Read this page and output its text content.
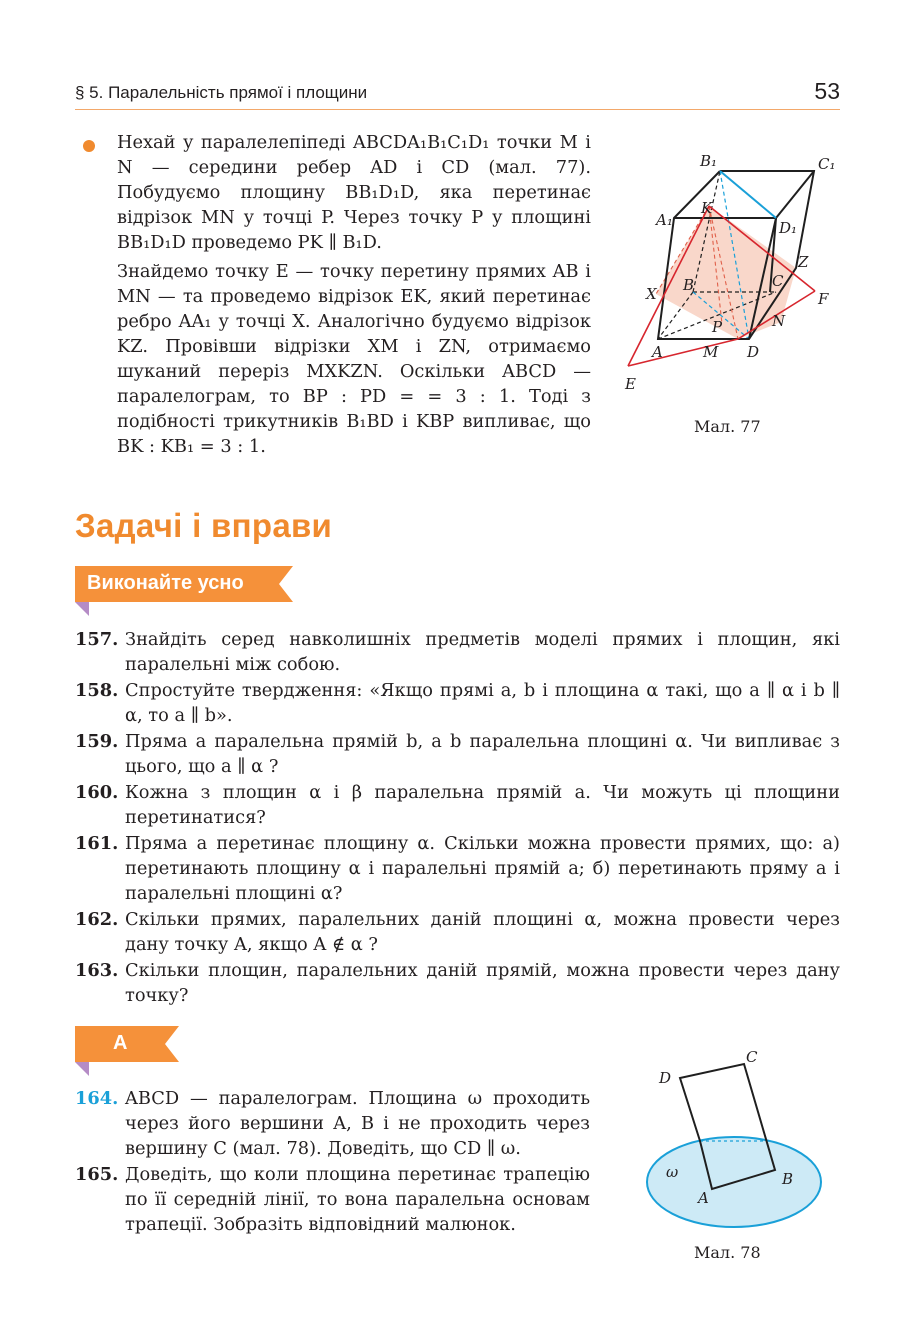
§ 5. Паралельність прямої і площини	53

Нехай у паралелепіпеді ABCDA₁B₁C₁D₁ точки M і N — середини ребер AD і CD (мал. 77). Побудуємо площину BB₁D₁D, яка перетинає відрізок MN у точці P. Через точку P у площині BB₁D₁D проведемо PK ∥ B₁D.

Знайдемо точку E — точку перетину прямих AB і MN — та проведемо відрізок EK, який перетинає ребро AA₁ у точці X. Аналогічно будуємо відрізок KZ. Провівши відрізки XM і ZN, отримаємо шуканий переріз MXKZN. Оскільки ABCD — паралелограм, то BP : PD = = 3 : 1. Тоді з подібності трикутників B₁BD і KBP випливає, що BK : KB₁ = 3 : 1.

B₁	C₁
A₁
K
D₁
Z
X B	C
F
P	N
A	M D
E
Мал. 77
Задачі і вправи
Виконайте усно
157. Знайдіть серед навколишніх предметів моделі прямих і площин, які паралельні між собою.
158. Спростуйте твердження: «Якщо прямі a, b і площина α такі, що a ∥ α і b ∥ α, то a ∥ b».
159. Пряма a паралельна прямій b, а b паралельна площині α. Чи випливає з цього, що a ∥ α ?
160. Кожна з площин α і β паралельна прямій a. Чи можуть ці площини перетинатися?
161. Пряма a перетинає площину α. Скільки можна провести прямих, що: а) перетинають площину α і паралельні прямій a; б) перетинають пряму a і паралельні площині α?
162. Скільки прямих, паралельних даній площині α, можна провести через дану точку A, якщо A ∉ α ?
163. Скільки площин, паралельних даній прямій, можна провести через дану точку?
А
164. ABCD — паралелограм. Площина ω проходить через його вершини A, B і не проходить через вершину C (мал. 78). Доведіть, що CD ∥ ω.
165. Доведіть, що коли площина перетинає трапецію по її середній лінії, то вона паралельна основам трапеції. Зобразіть відповідний малюнок.
D
C
ω
A
B
Мал. 78
